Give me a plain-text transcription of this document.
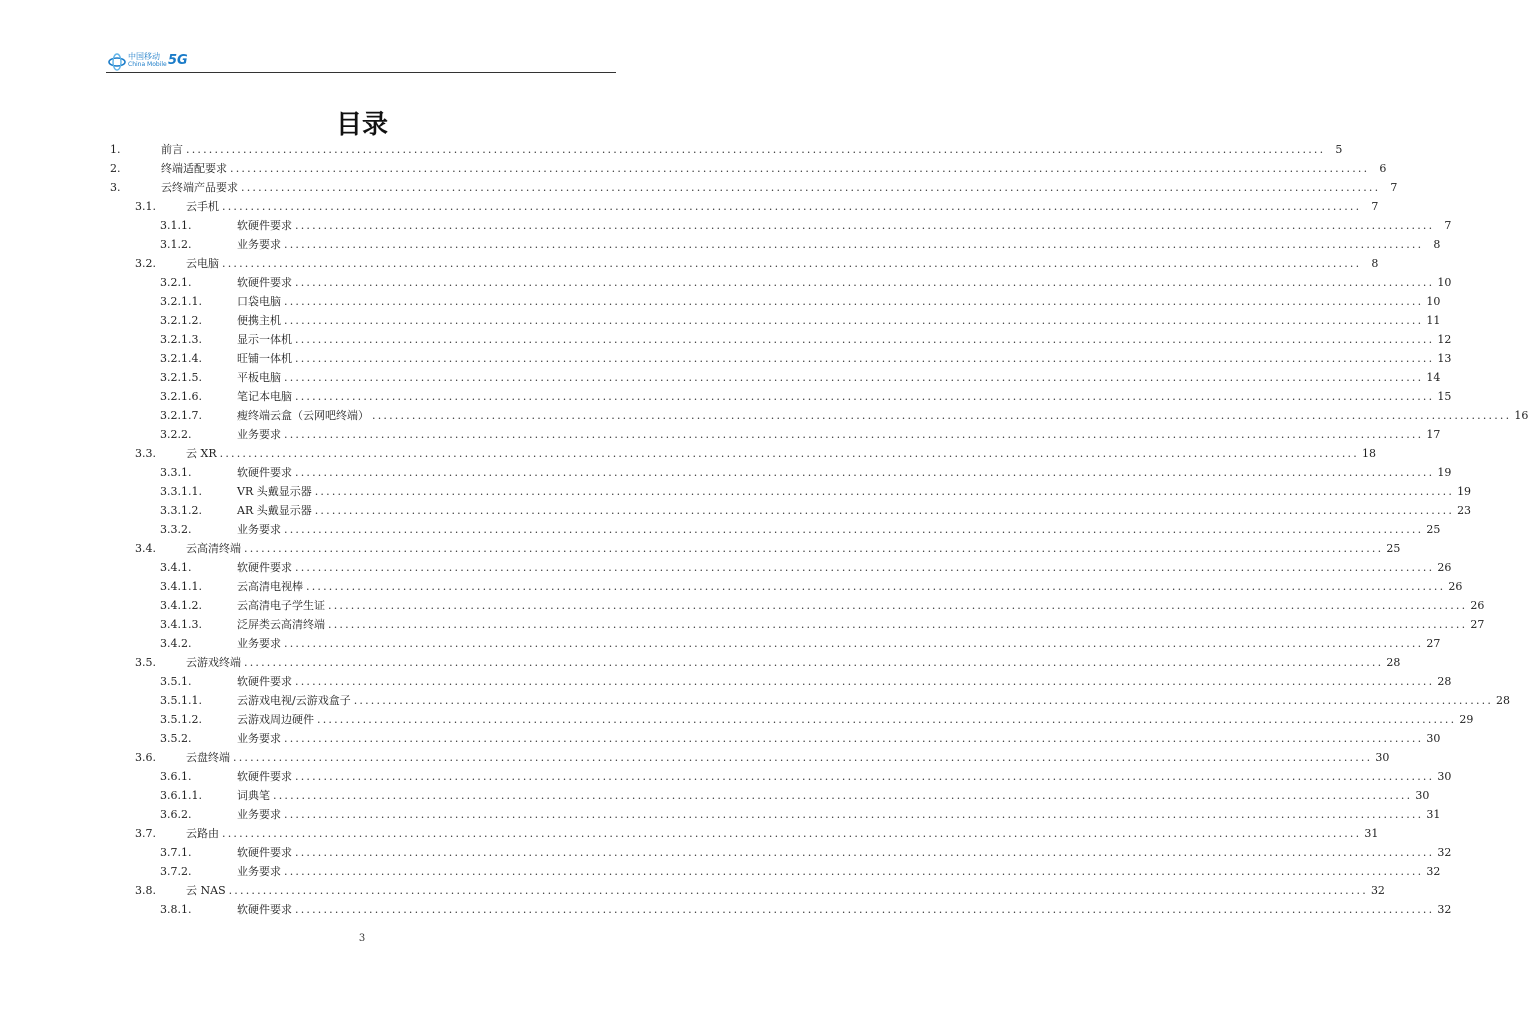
中国移动
China Mobile 5G
目录
1.	前言 ........................................................................................................................................................................................................ 5
2.	终端适配要求 ........................................................................................................................................................................................................ 6
3.	云终端产品要求 ........................................................................................................................................................................................................ 7
3.1.	云手机 ........................................................................................................................................................................................................ 7
3.1.1.	软硬件要求 ........................................................................................................................................................................................................ 7
3.1.2.	业务要求 ........................................................................................................................................................................................................ 8
3.2.	云电脑 ........................................................................................................................................................................................................ 8
3.2.1.	软硬件要求 ........................................................................................................................................................................................................ 10
3.2.1.1.	口袋电脑 ........................................................................................................................................................................................................ 10
3.2.1.2.	便携主机 ........................................................................................................................................................................................................ 11
3.2.1.3.	显示一体机 ........................................................................................................................................................................................................ 12
3.2.1.4.	旺铺一体机 ........................................................................................................................................................................................................ 13
3.2.1.5.	平板电脑 ........................................................................................................................................................................................................ 14
3.2.1.6.	笔记本电脑 ........................................................................................................................................................................................................ 15
3.2.1.7.	瘦终端云盒（云网吧终端） ........................................................................................................................................................................................................ 16
3.2.2.	业务要求 ........................................................................................................................................................................................................ 17
3.3.	云 XR ........................................................................................................................................................................................................ 18
3.3.1.	软硬件要求 ........................................................................................................................................................................................................ 19
3.3.1.1.	VR 头戴显示器 ........................................................................................................................................................................................................ 19
3.3.1.2.	AR 头戴显示器 ........................................................................................................................................................................................................ 23
3.3.2.	业务要求 ........................................................................................................................................................................................................ 25
3.4.	云高清终端 ........................................................................................................................................................................................................ 25
3.4.1.	软硬件要求 ........................................................................................................................................................................................................ 26
3.4.1.1.	云高清电视棒 ........................................................................................................................................................................................................ 26
3.4.1.2.	云高清电子学生证 ........................................................................................................................................................................................................ 26
3.4.1.3.	泛屏类云高清终端 ........................................................................................................................................................................................................ 27
3.4.2.	业务要求 ........................................................................................................................................................................................................ 27
3.5.	云游戏终端 ........................................................................................................................................................................................................ 28
3.5.1.	软硬件要求 ........................................................................................................................................................................................................ 28
3.5.1.1.	云游戏电视/云游戏盒子 ........................................................................................................................................................................................................ 28
3.5.1.2.	云游戏周边硬件 ........................................................................................................................................................................................................ 29
3.5.2.	业务要求 ........................................................................................................................................................................................................ 30
3.6.	云盘终端 ........................................................................................................................................................................................................ 30
3.6.1.	软硬件要求 ........................................................................................................................................................................................................ 30
3.6.1.1.	词典笔 ........................................................................................................................................................................................................ 30
3.6.2.	业务要求 ........................................................................................................................................................................................................ 31
3.7.	云路由 ........................................................................................................................................................................................................ 31
3.7.1.	软硬件要求 ........................................................................................................................................................................................................ 32
3.7.2.	业务要求 ........................................................................................................................................................................................................ 32
3.8.	云 NAS ........................................................................................................................................................................................................ 32
3.8.1.	软硬件要求 ........................................................................................................................................................................................................ 32
3
